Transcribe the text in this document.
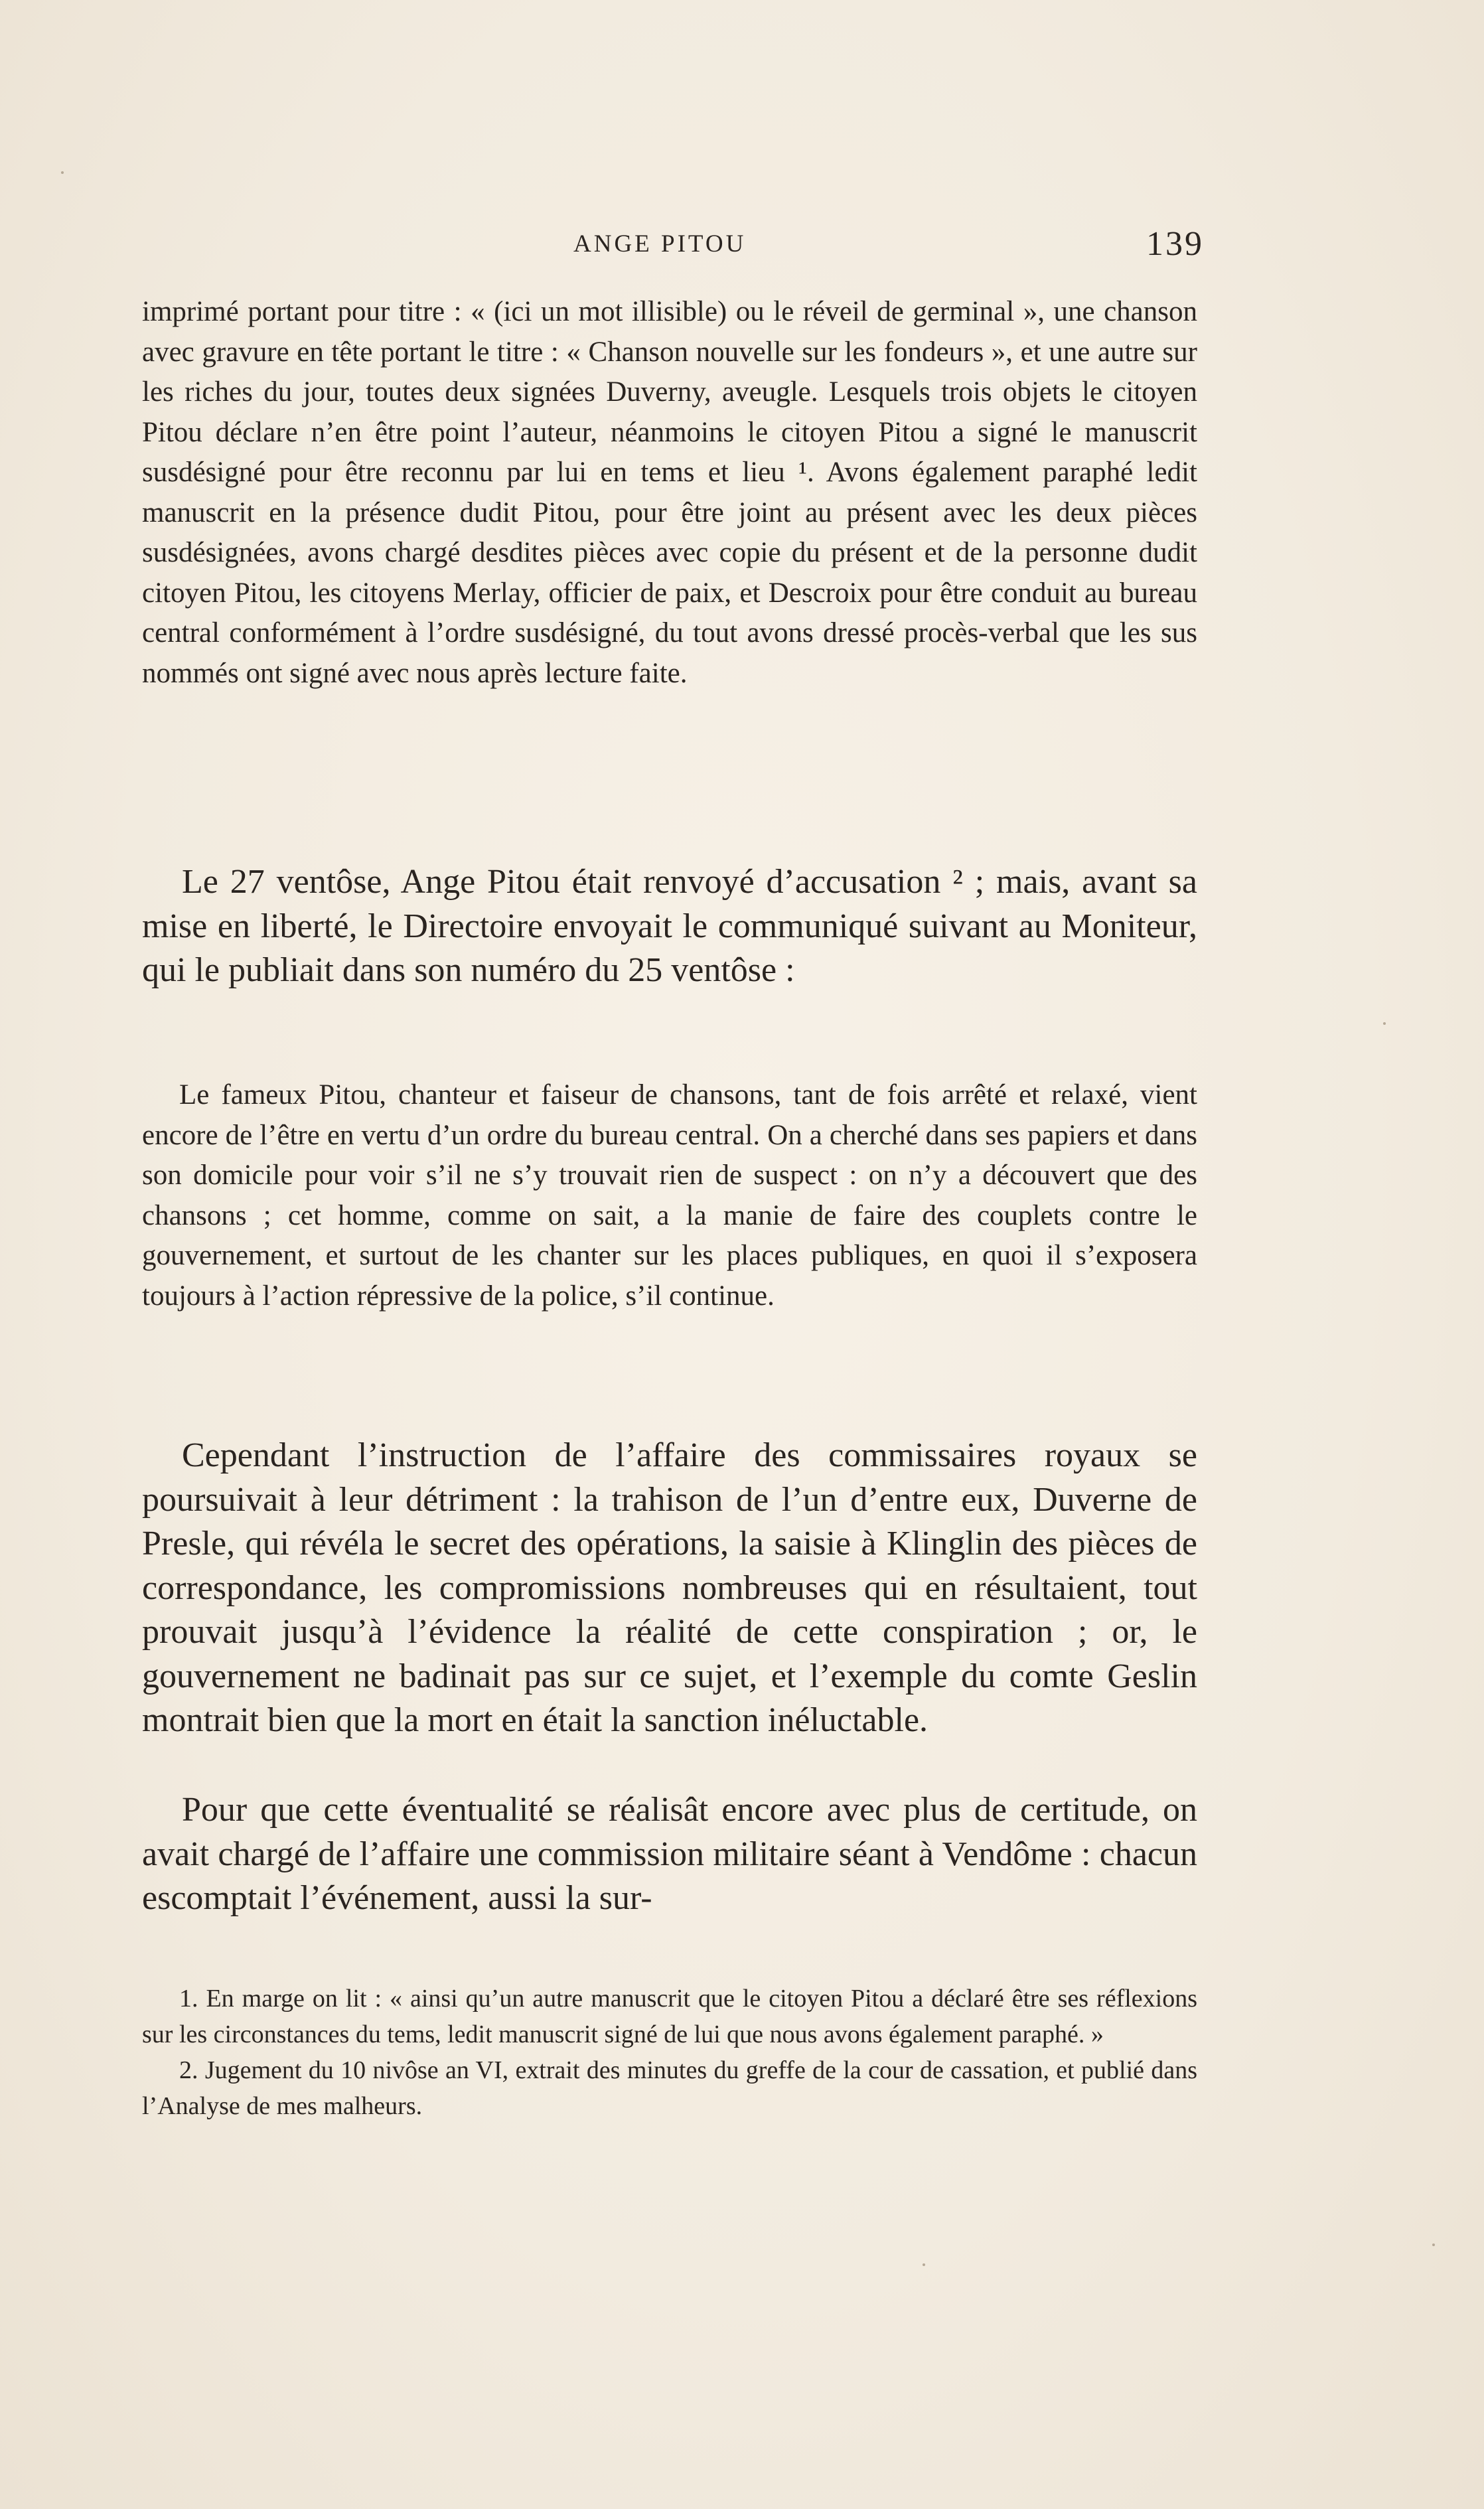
ANGE PITOU	139

imprimé portant pour titre : « (ici un mot illisible) ou le réveil de germinal », une chanson avec gravure en tête portant le titre : « Chanson nouvelle sur les fondeurs », et une autre sur les riches du jour, toutes deux signées Duverny, aveugle. Lesquels trois objets le citoyen Pitou déclare n’en être point l’auteur, néanmoins le citoyen Pitou a signé le manuscrit susdésigné pour être reconnu par lui en tems et lieu ¹. Avons également paraphé ledit manuscrit en la présence dudit Pitou, pour être joint au présent avec les deux pièces susdésignées, avons chargé desdites pièces avec copie du présent et de la personne dudit citoyen Pitou, les citoyens Merlay, officier de paix, et Descroix pour être conduit au bureau central conformément à l’ordre susdésigné, du tout avons dressé procès-verbal que les sus nommés ont signé avec nous après lecture faite.

Le 27 ventôse, Ange Pitou était renvoyé d’accusation ² ; mais, avant sa mise en liberté, le Directoire envoyait le communiqué suivant au Moniteur, qui le publiait dans son numéro du 25 ventôse :

Le fameux Pitou, chanteur et faiseur de chansons, tant de fois arrêté et relaxé, vient encore de l’être en vertu d’un ordre du bureau central. On a cherché dans ses papiers et dans son domicile pour voir s’il ne s’y trouvait rien de suspect : on n’y a découvert que des chansons ; cet homme, comme on sait, a la manie de faire des couplets contre le gouvernement, et surtout de les chanter sur les places publiques, en quoi il s’exposera toujours à l’action répressive de la police, s’il continue.

Cependant l’instruction de l’affaire des commissaires royaux se poursuivait à leur détriment : la trahison de l’un d’entre eux, Duverne de Presle, qui révéla le secret des opérations, la saisie à Klinglin des pièces de correspondance, les compromissions nombreuses qui en résultaient, tout prouvait jusqu’à l’évidence la réalité de cette conspiration ; or, le gouvernement ne badinait pas sur ce sujet, et l’exemple du comte Geslin montrait bien que la mort en était la sanction inéluctable.

Pour que cette éventualité se réalisât encore avec plus de certitude, on avait chargé de l’affaire une commission militaire séant à Vendôme : chacun escomptait l’événement, aussi la sur-

1. En marge on lit : « ainsi qu’un autre manuscrit que le citoyen Pitou a déclaré être ses réflexions sur les circonstances du tems, ledit manuscrit signé de lui que nous avons également paraphé. »

2. Jugement du 10 nivôse an VI, extrait des minutes du greffe de la cour de cassation, et publié dans l’Analyse de mes malheurs.
